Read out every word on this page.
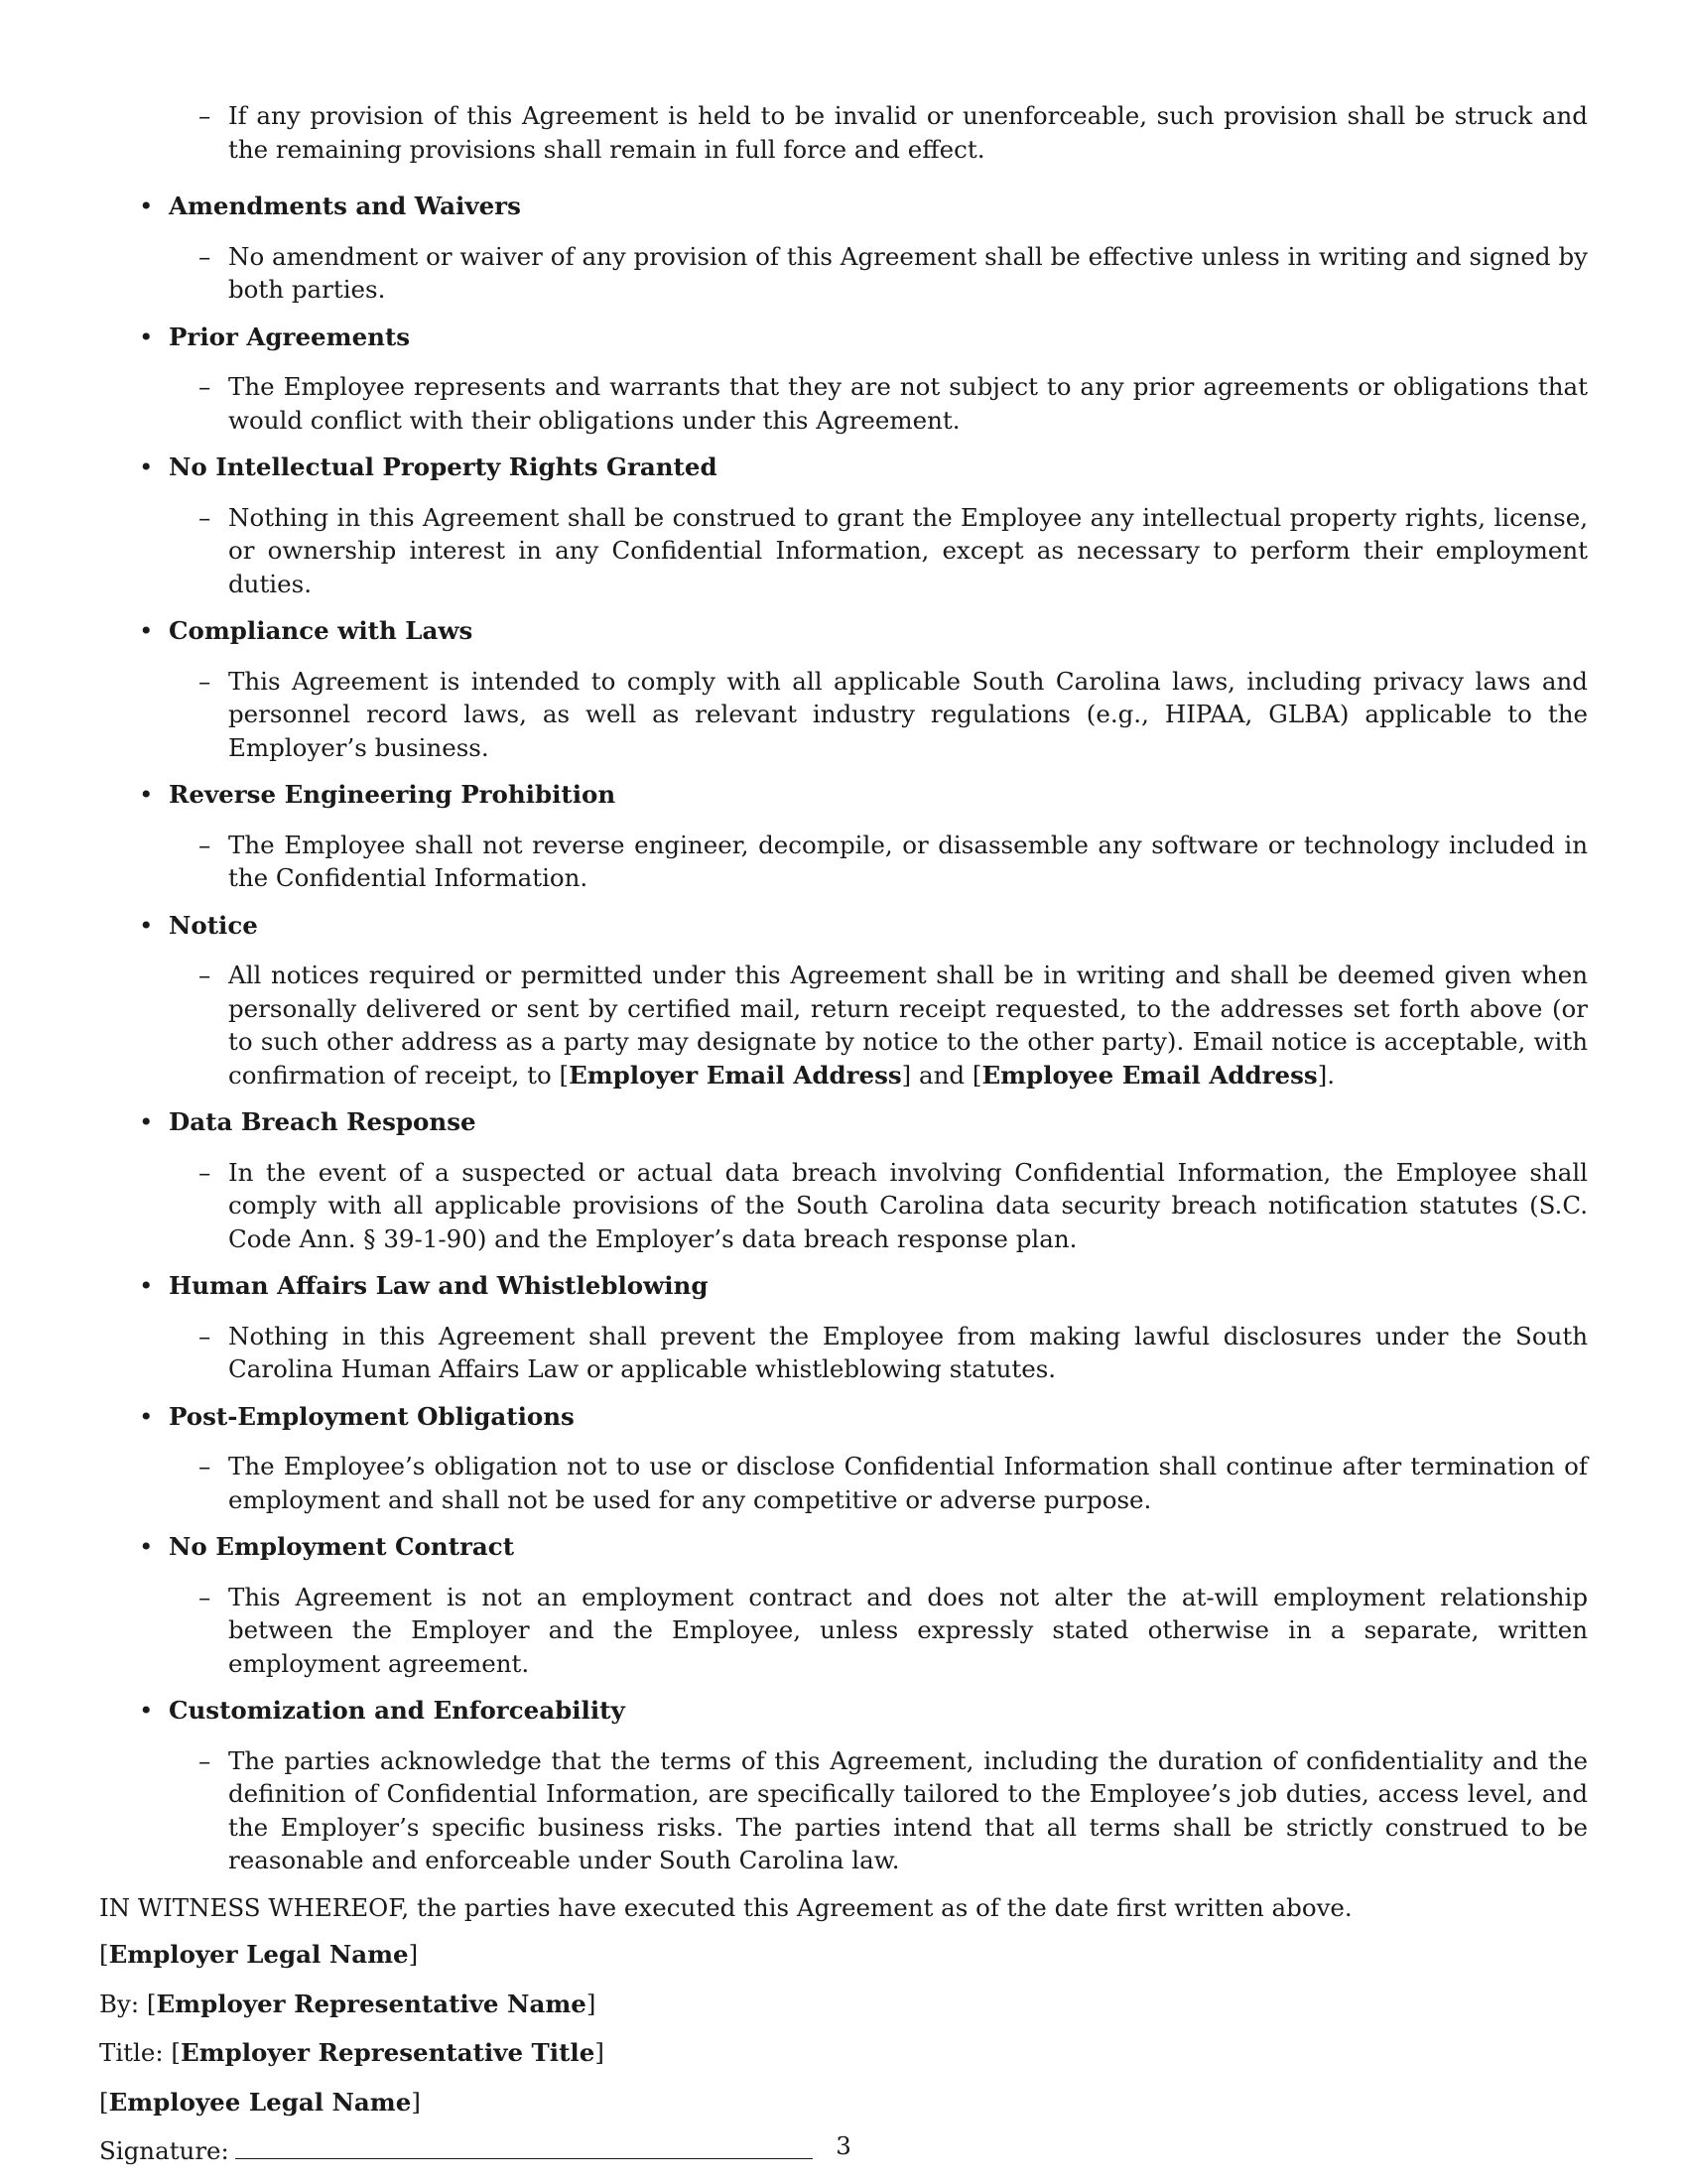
– If any provision of this Agreement is held to be invalid or unenforceable, such provision shall be struck and the remaining provisions shall remain in full force and effect.
• Amendments and Waivers
– No amendment or waiver of any provision of this Agreement shall be effective unless in writing and signed by both parties.
• Prior Agreements
– The Employee represents and warrants that they are not subject to any prior agreements or obligations that would conflict with their obligations under this Agreement.
• No Intellectual Property Rights Granted
– Nothing in this Agreement shall be construed to grant the Employee any intellectual property rights, license, or ownership interest in any Confidential Information, except as necessary to perform their employment duties.
• Compliance with Laws
– This Agreement is intended to comply with all applicable South Carolina laws, including privacy laws and personnel record laws, as well as relevant industry regulations (e.g., HIPAA, GLBA) applicable to the Employer’s business.
• Reverse Engineering Prohibition
– The Employee shall not reverse engineer, decompile, or disassemble any software or technology included in the Confidential Information.
• Notice
– All notices required or permitted under this Agreement shall be in writing and shall be deemed given when personally delivered or sent by certified mail, return receipt requested, to the addresses set forth above (or to such other address as a party may designate by notice to the other party). Email notice is acceptable, with confirmation of receipt, to [Employer Email Address] and [Employee Email Address].
• Data Breach Response
– In the event of a suspected or actual data breach involving Confidential Information, the Employee shall comply with all applicable provisions of the South Carolina data security breach notification statutes (S.C. Code Ann. § 39-1-90) and the Employer’s data breach response plan.
• Human Affairs Law and Whistleblowing
– Nothing in this Agreement shall prevent the Employee from making lawful disclosures under the South Carolina Human Affairs Law or applicable whistleblowing statutes.
• Post-Employment Obligations
– The Employee’s obligation not to use or disclose Confidential Information shall continue after termination of employment and shall not be used for any competitive or adverse purpose.
• No Employment Contract
– This Agreement is not an employment contract and does not alter the at-will employment relationship between the Employer and the Employee, unless expressly stated otherwise in a separate, written employment agreement.
• Customization and Enforceability
– The parties acknowledge that the terms of this Agreement, including the duration of confidentiality and the definition of Confidential Information, are specifically tailored to the Employee’s job duties, access level, and the Employer’s specific business risks. The parties intend that all terms shall be strictly construed to be reasonable and enforceable under South Carolina law.

IN WITNESS WHEREOF, the parties have executed this Agreement as of the date first written above.

[Employer Legal Name]
By: [Employer Representative Name]
Title: [Employer Representative Title]
[Employee Legal Name]
Signature:	3
